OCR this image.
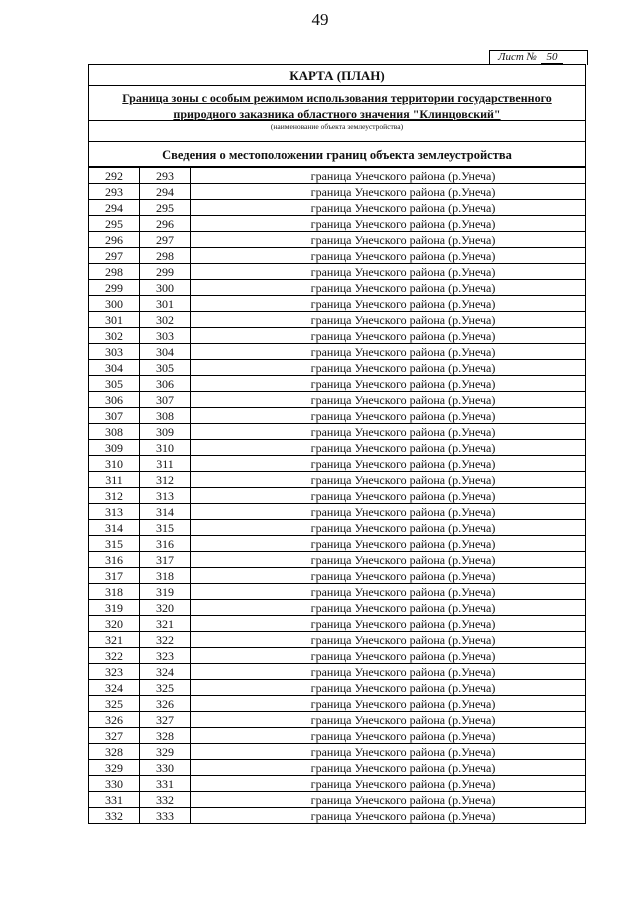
49
Лист № 50
КАРТА (ПЛАН)
Граница зоны с особым режимом использования территории государственного
природного заказника областного значения "Клинцовский"
(наименование объекта землеустройства)
Сведения о местоположении границ объекта землеустройства
292	293	граница Унечского района (р.Унеча)
293	294	граница Унечского района (р.Унеча)
294	295	граница Унечского района (р.Унеча)
295	296	граница Унечского района (р.Унеча)
296	297	граница Унечского района (р.Унеча)
297	298	граница Унечского района (р.Унеча)
298	299	граница Унечского района (р.Унеча)
299	300	граница Унечского района (р.Унеча)
300	301	граница Унечского района (р.Унеча)
301	302	граница Унечского района (р.Унеча)
302	303	граница Унечского района (р.Унеча)
303	304	граница Унечского района (р.Унеча)
304	305	граница Унечского района (р.Унеча)
305	306	граница Унечского района (р.Унеча)
306	307	граница Унечского района (р.Унеча)
307	308	граница Унечского района (р.Унеча)
308	309	граница Унечского района (р.Унеча)
309	310	граница Унечского района (р.Унеча)
310	311	граница Унечского района (р.Унеча)
311	312	граница Унечского района (р.Унеча)
312	313	граница Унечского района (р.Унеча)
313	314	граница Унечского района (р.Унеча)
314	315	граница Унечского района (р.Унеча)
315	316	граница Унечского района (р.Унеча)
316	317	граница Унечского района (р.Унеча)
317	318	граница Унечского района (р.Унеча)
318	319	граница Унечского района (р.Унеча)
319	320	граница Унечского района (р.Унеча)
320	321	граница Унечского района (р.Унеча)
321	322	граница Унечского района (р.Унеча)
322	323	граница Унечского района (р.Унеча)
323	324	граница Унечского района (р.Унеча)
324	325	граница Унечского района (р.Унеча)
325	326	граница Унечского района (р.Унеча)
326	327	граница Унечского района (р.Унеча)
327	328	граница Унечского района (р.Унеча)
328	329	граница Унечского района (р.Унеча)
329	330	граница Унечского района (р.Унеча)
330	331	граница Унечского района (р.Унеча)
331	332	граница Унечского района (р.Унеча)
332	333	граница Унечского района (р.Унеча)
